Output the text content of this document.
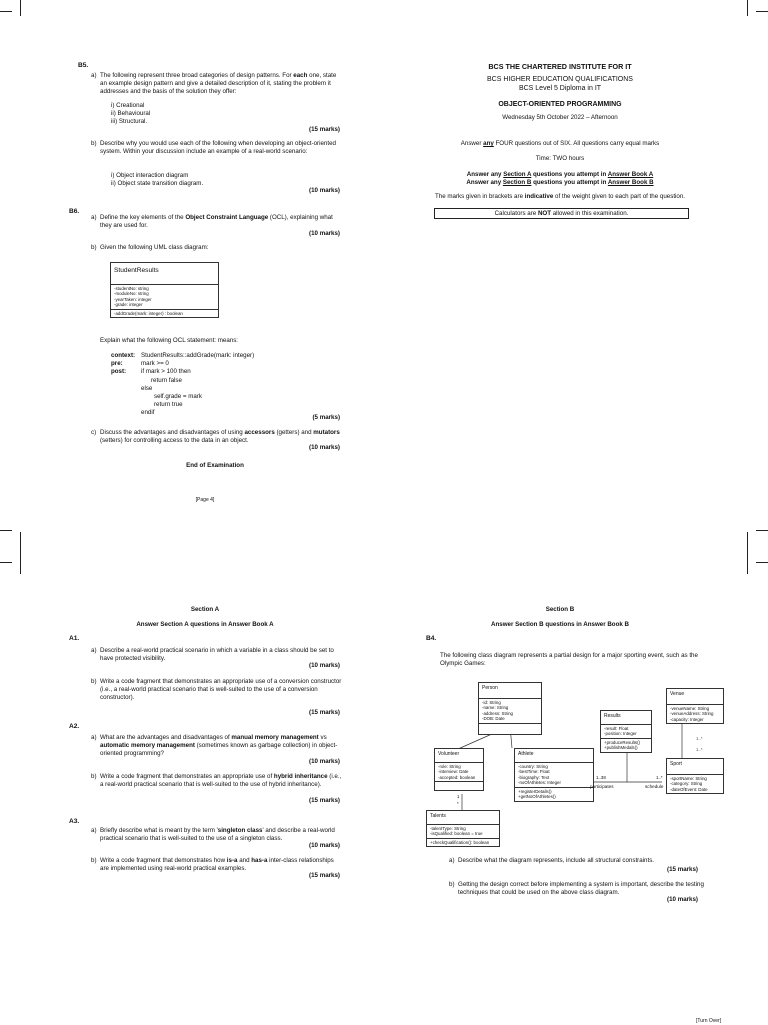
B5.
a) The following represent three broad categories of design patterns. For each one, state an example design pattern and give a detailed description of it, stating the problem it addresses and the basis of the solution they offer:
i) Creational
ii) Behavioural
iii) Structural.
(15 marks)
b) Describe why you would use each of the following when developing an object-oriented system. Within your discussion include an example of a real-world scenario:
i) Object interaction diagram
ii) Object state transition diagram.
(10 marks)
B6.
a) Define the key elements of the Object Constraint Language (OCL), explaining what they are used for.
(10 marks)
b) Given the following UML class diagram:
StudentResults
-studentNo: string
-moduleNo: string
-yearTaken: integer
-grade: integer
-addGrade(mark: integer) : boolean
Explain what the following OCL statement: means:
context: StudentResults::addGrade(mark: integer)
pre:	mark >= 0
post: if mark > 100 then
return false
else
self.grade = mark
return true
endif
(5 marks)
c) Discuss the advantages and disadvantages of using accessors (getters) and mutators (setters) for controlling access to the data in an object.
(10 marks)
End of Examination
[Page 4]
BCS THE CHARTERED INSTITUTE FOR IT
BCS HIGHER EDUCATION QUALIFICATIONS
BCS Level 5 Diploma in IT
OBJECT-ORIENTED PROGRAMMING
Wednesday 5th October 2022 – Afternoon
Answer any FOUR questions out of SIX. All questions carry equal marks
Time: TWO hours
Answer any Section A questions you attempt in Answer Book A
Answer any Section B questions you attempt in Answer Book B
The marks given in brackets are indicative of the weight given to each part of the question.
Calculators are NOT allowed in this examination.
Section A
Answer Section A questions in Answer Book A
A1.
a) Describe a real-world practical scenario in which a variable in a class should be set to have protected visibility.
(10 marks)
b) Write a code fragment that demonstrates an appropriate use of a conversion constructor (i.e., a real-world practical scenario that is well-suited to the use of a conversion constructor).
(15 marks)
A2.
a) What are the advantages and disadvantages of manual memory management vs automatic memory management (sometimes known as garbage collection) in object-oriented programming?
(10 marks)
b) Write a code fragment that demonstrates an appropriate use of hybrid inheritance (i.e., a real-world practical scenario that is well-suited to the use of hybrid inheritance).
(15 marks)
A3.
a) Briefly describe what is meant by the term 'singleton class' and describe a real-world practical scenario that is well-suited to the use of a singleton class.
(10 marks)
b) Write a code fragment that demonstrates how is-a and has-a inter-class relationships are implemented using real-world practical examples.
(15 marks)
Section B
Answer Section B questions in Answer Book B
B4.
The following class diagram represents a partial design for a major sporting event, such as the Olympic Games:
Person
-id: String
-name: String
-address: String
-DOB: Date	Results
-result: Float
-position: Integer
+produceResults()
+publishMedals()
Venue
-venueName: String
-venueAddress: String
-capacity: Integer
Volunteer
-role: String
-interview: Date
-accepted: boolean
Athlete
-country: String
-bestTime: Float
-biography: Text
-noOfAthletes: Integer
+registerDetails()
+getNoOfAthletes()
Sport
-sportName: String
-category: String
-dateOfEvent: Date
Talents
-talentType: String
-isQualified: boolean = true
+checkQualification(): boolean
participates	schedule
1..38	1..*
1..*
1..*
1
*
a) Describe what the diagram represents, include all structural constraints.
(15 marks)
b) Getting the design correct before implementing a system is important, describe the testing techniques that could be used on the above class diagram.
(10 marks)
[Turn Over]
